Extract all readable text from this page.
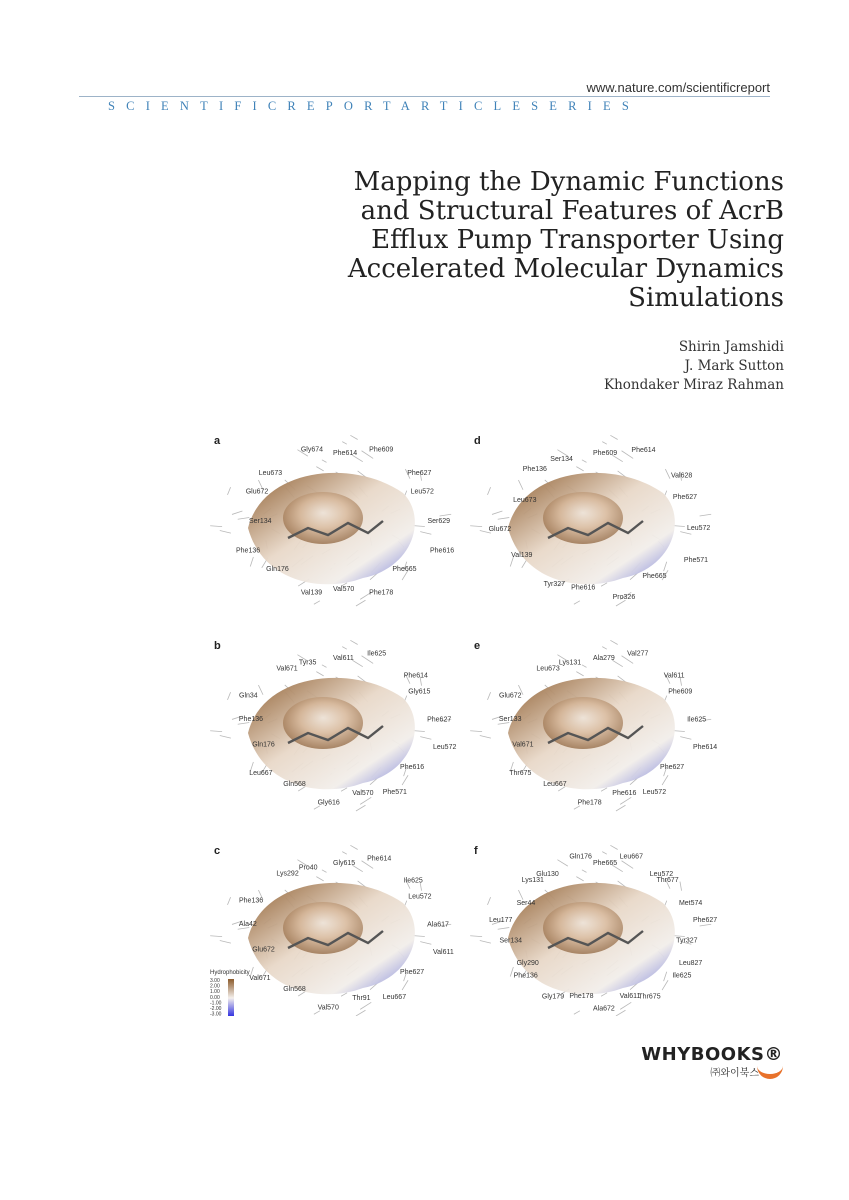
www.nature.com/scientificreport
SCIENTIFICREPORTARTICLESERIES
Mapping the Dynamic Functions
and Structural Features of AcrB
Efflux Pump Transporter Using
Accelerated Molecular Dynamics
Simulations
Shirin Jamshidi
J. Mark Sutton
Khondaker Miraz Rahman
a
Phe614
Phe609
Phe627
Leu572
Ser629
Phe616
Phe665
Phe178
Val570
Val139
Gln176
Phe136
Ser134
Glu672
Leu673
Gly674
d
Phe609 Phe614
Val628
Phe627
Leu572
Phe571
Phe665
Pro326
Phe616
Tyr327
Val139
Glu672
Leu673
Phe136
Ser134
b
Val611
Ile625
Phe614
Gly615
Phe627
Leu572
Phe616
Phe571
Val570
Gly616
Gln568
Leu667
Gln176
Phe136
Gln34
Val671
Tyr35
e
Ala279
Val277
Val611
Phe609
Ile625
Phe614
Phe627
Leu572
Phe616
Phe178
Leu667
Thr675
Val671
Ser133
Glu672
Leu673
Lys131
c
Gly615
Phe614
Ile625
Leu572
Ala617
Val611
Phe627
Leu667
Thr91
Val570
Gln568
Val671
Glu672
Ala42
Phe136
Lys292
Pro40
f
Phe665
Leu667
Leu572
Thr677
Met574
Phe627
Tyr327
Leu827
Ile625
Thr675
Val611
Ala672
Phe178
Gly179
Phe136
Gly290
Ser134
Leu177
Ser44
Lys131
Glu130
Gln176
Hydrophobicity
3.00
2.00
1.00
0.00
-1.00
-2.00
-3.00
WHYBOOKS®
㈜와이북스
